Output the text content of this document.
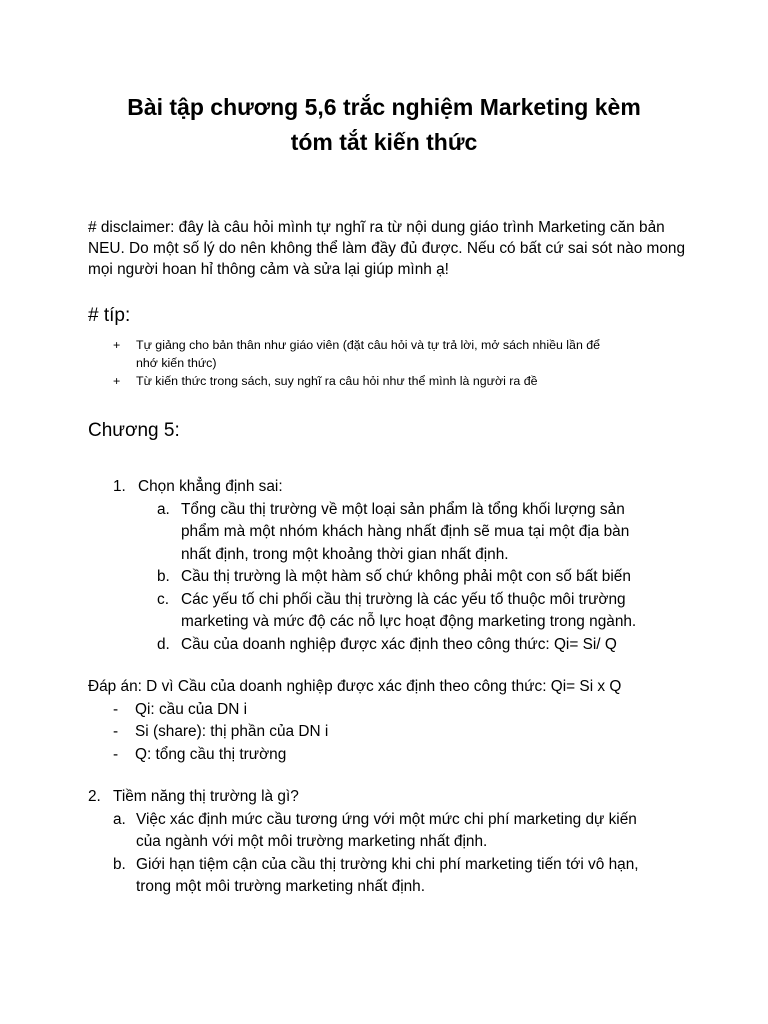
Bài tập chương 5,6 trắc nghiệm Marketing kèm
tóm tắt kiến thức
# disclaimer: đây là câu hỏi mình tự nghĩ ra từ nội dung giáo trình Marketing căn bản
NEU. Do một số lý do nên không thể làm đầy đủ được. Nếu có bất cứ sai sót nào mong
mọi người hoan hỉ thông cảm và sửa lại giúp mình ạ!
# típ:
+ Tự giảng cho bản thân như giáo viên (đặt câu hỏi và tự trả lời, mở sách nhiều lần để
nhớ kiến thức)
+ Từ kiến thức trong sách, suy nghĩ ra câu hỏi như thể mình là người ra đề
Chương 5:
1. Chọn khẳng định sai:
a. Tổng cầu thị trường về một loại sản phẩm là tổng khối lượng sản
phẩm mà một nhóm khách hàng nhất định sẽ mua tại một địa bàn
nhất định, trong một khoảng thời gian nhất định.
b. Cầu thị trường là một hàm số chứ không phải một con số bất biến
c. Các yếu tố chi phối cầu thị trường là các yếu tố thuộc môi trường
marketing và mức độ các nỗ lực hoạt động marketing trong ngành.
d. Cầu của doanh nghiệp được xác định theo công thức: Qi= Si/ Q
Đáp án: D vì Cầu của doanh nghiệp được xác định theo công thức: Qi= Si x Q
- Qi: cầu của DN i
- Si (share): thị phần của DN i
- Q: tổng cầu thị trường
2. Tiềm năng thị trường là gì?
a. Việc xác định mức cầu tương ứng với một mức chi phí marketing dự kiến
của ngành với một môi trường marketing nhất định.
b. Giới hạn tiệm cận của cầu thị trường khi chi phí marketing tiến tới vô hạn,
trong một môi trường marketing nhất định.
